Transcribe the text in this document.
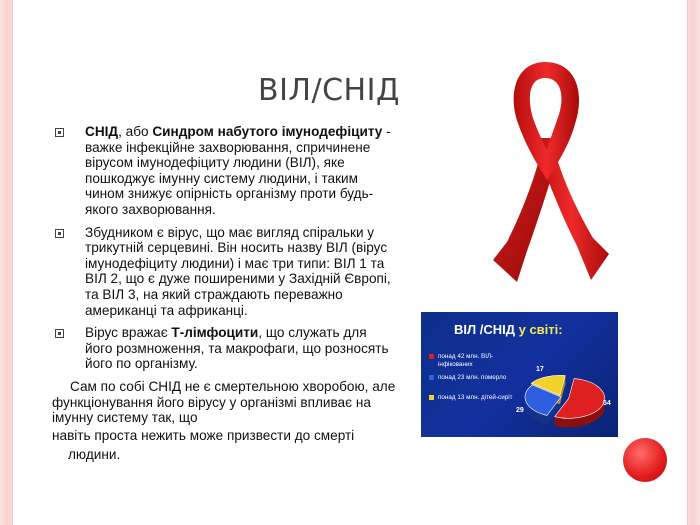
ВІЛ/СНІД
СНІД, або Синдром набутого імунодефіциту - важке інфекційне захворювання, спричинене вірусом імунодефіциту людини (ВІЛ), яке пошкоджує імунну систему людини, і таким чином знижує опірність організму проти будь-якого захворювання.
Збудником є вірус, що має вигляд спіральки у трикутній серцевині. Він носить назву ВІЛ (вірус імунодефіциту людини) і має три типи: ВІЛ 1 та ВІЛ 2, що є дуже поширеними у Західній Європі, та ВІЛ 3, на який страждають переважно американці та африканці.
Вірус вражає Т-лімфоцити, що служать для його розмноження, та макрофаги, що розносять його по організму.
Сам по собі СНІД не є смертельною хворобою, але функціонування його вірусу у організмі впливає на імунну систему так, що
навіть проста нежить може призвести до смерті
людини.
ВІЛ /СНІД у світі:
понад 42 млн. ВІЛ-інфікованих
понад 23 млн. померло
понад 13 млн. дітей-сиріт
17
29
54
